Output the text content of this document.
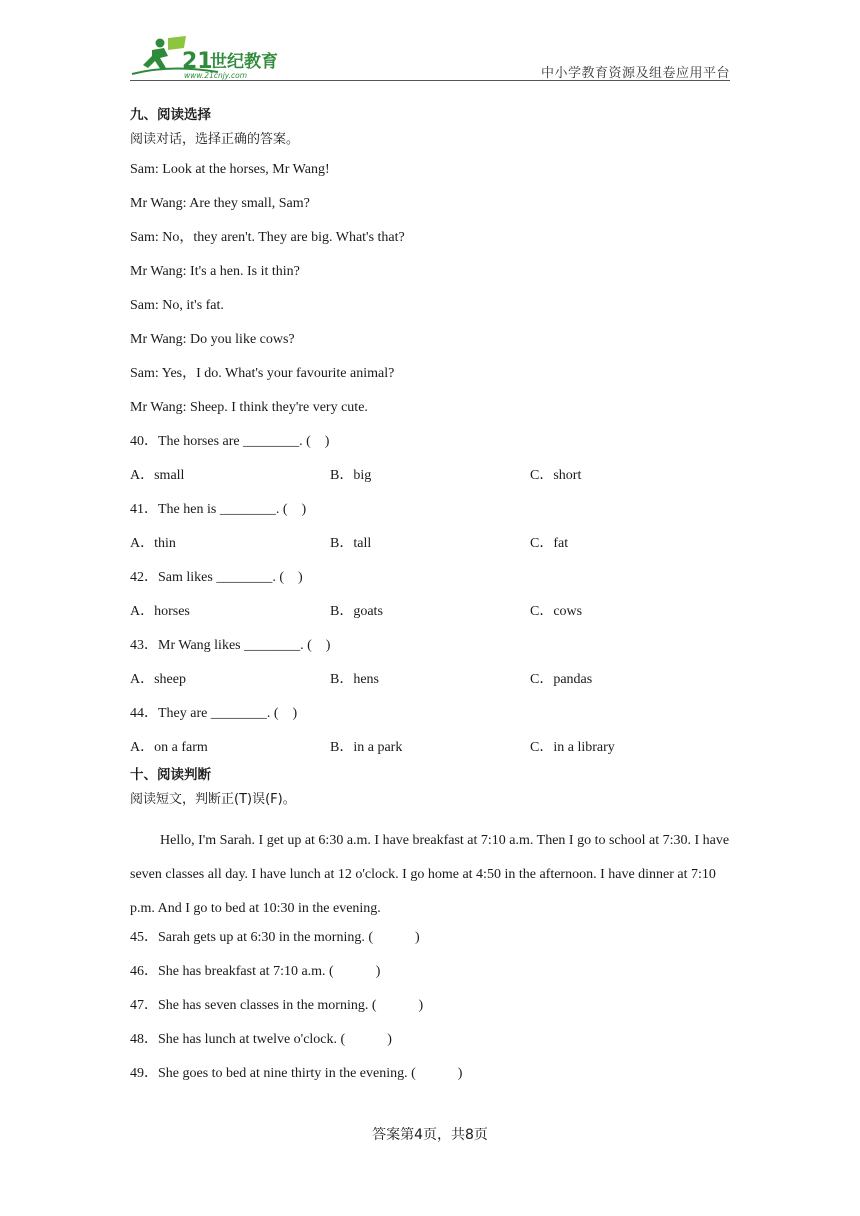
21
世纪教育
www.21cnjy.com	中小学教育资源及组卷应用平台
九、阅读选择
阅读对话，选择正确的答案。
Sam: Look at the horses, Mr Wang!
Mr Wang: Are they small, Sam?
Sam: No，they aren't. They are big. What's that?
Mr Wang: It's a hen. Is it thin?
Sam: No, it's fat.
Mr Wang: Do you like cows?
Sam: Yes，I do. What's your favourite animal?
Mr Wang: Sheep. I think they're very cute.
40．The horses are ________. (　)
A．small	B．big	C．short
41．The hen is ________. (　)
A．thin	B．tall	C．fat
42．Sam likes ________. (　)
A．horses	B．goats	C．cows
43．Mr Wang likes ________. (　)
A．sheep	B．hens	C．pandas
44．They are ________. (　)
A．on a farm	B．in a park	C．in a library
十、阅读判断
阅读短文，判断正(T)误(F)。

Hello, I'm Sarah. I get up at 6:30 a.m. I have breakfast at 7:10 a.m. Then I go to school at 7:30. I have seven classes all day. I have lunch at 12 o'clock. I go home at 4:50 in the afternoon. I have dinner at 7:10 p.m. And I go to bed at 10:30 in the evening.

45．Sarah gets up at 6:30 in the morning. (　　　)
46．She has breakfast at 7:10 a.m. (　　　)
47．She has seven classes in the morning. (　　　)
48．She has lunch at twelve o'clock. (　　　)
49．She goes to bed at nine thirty in the evening. (　　　)
答案第4页，共8页
